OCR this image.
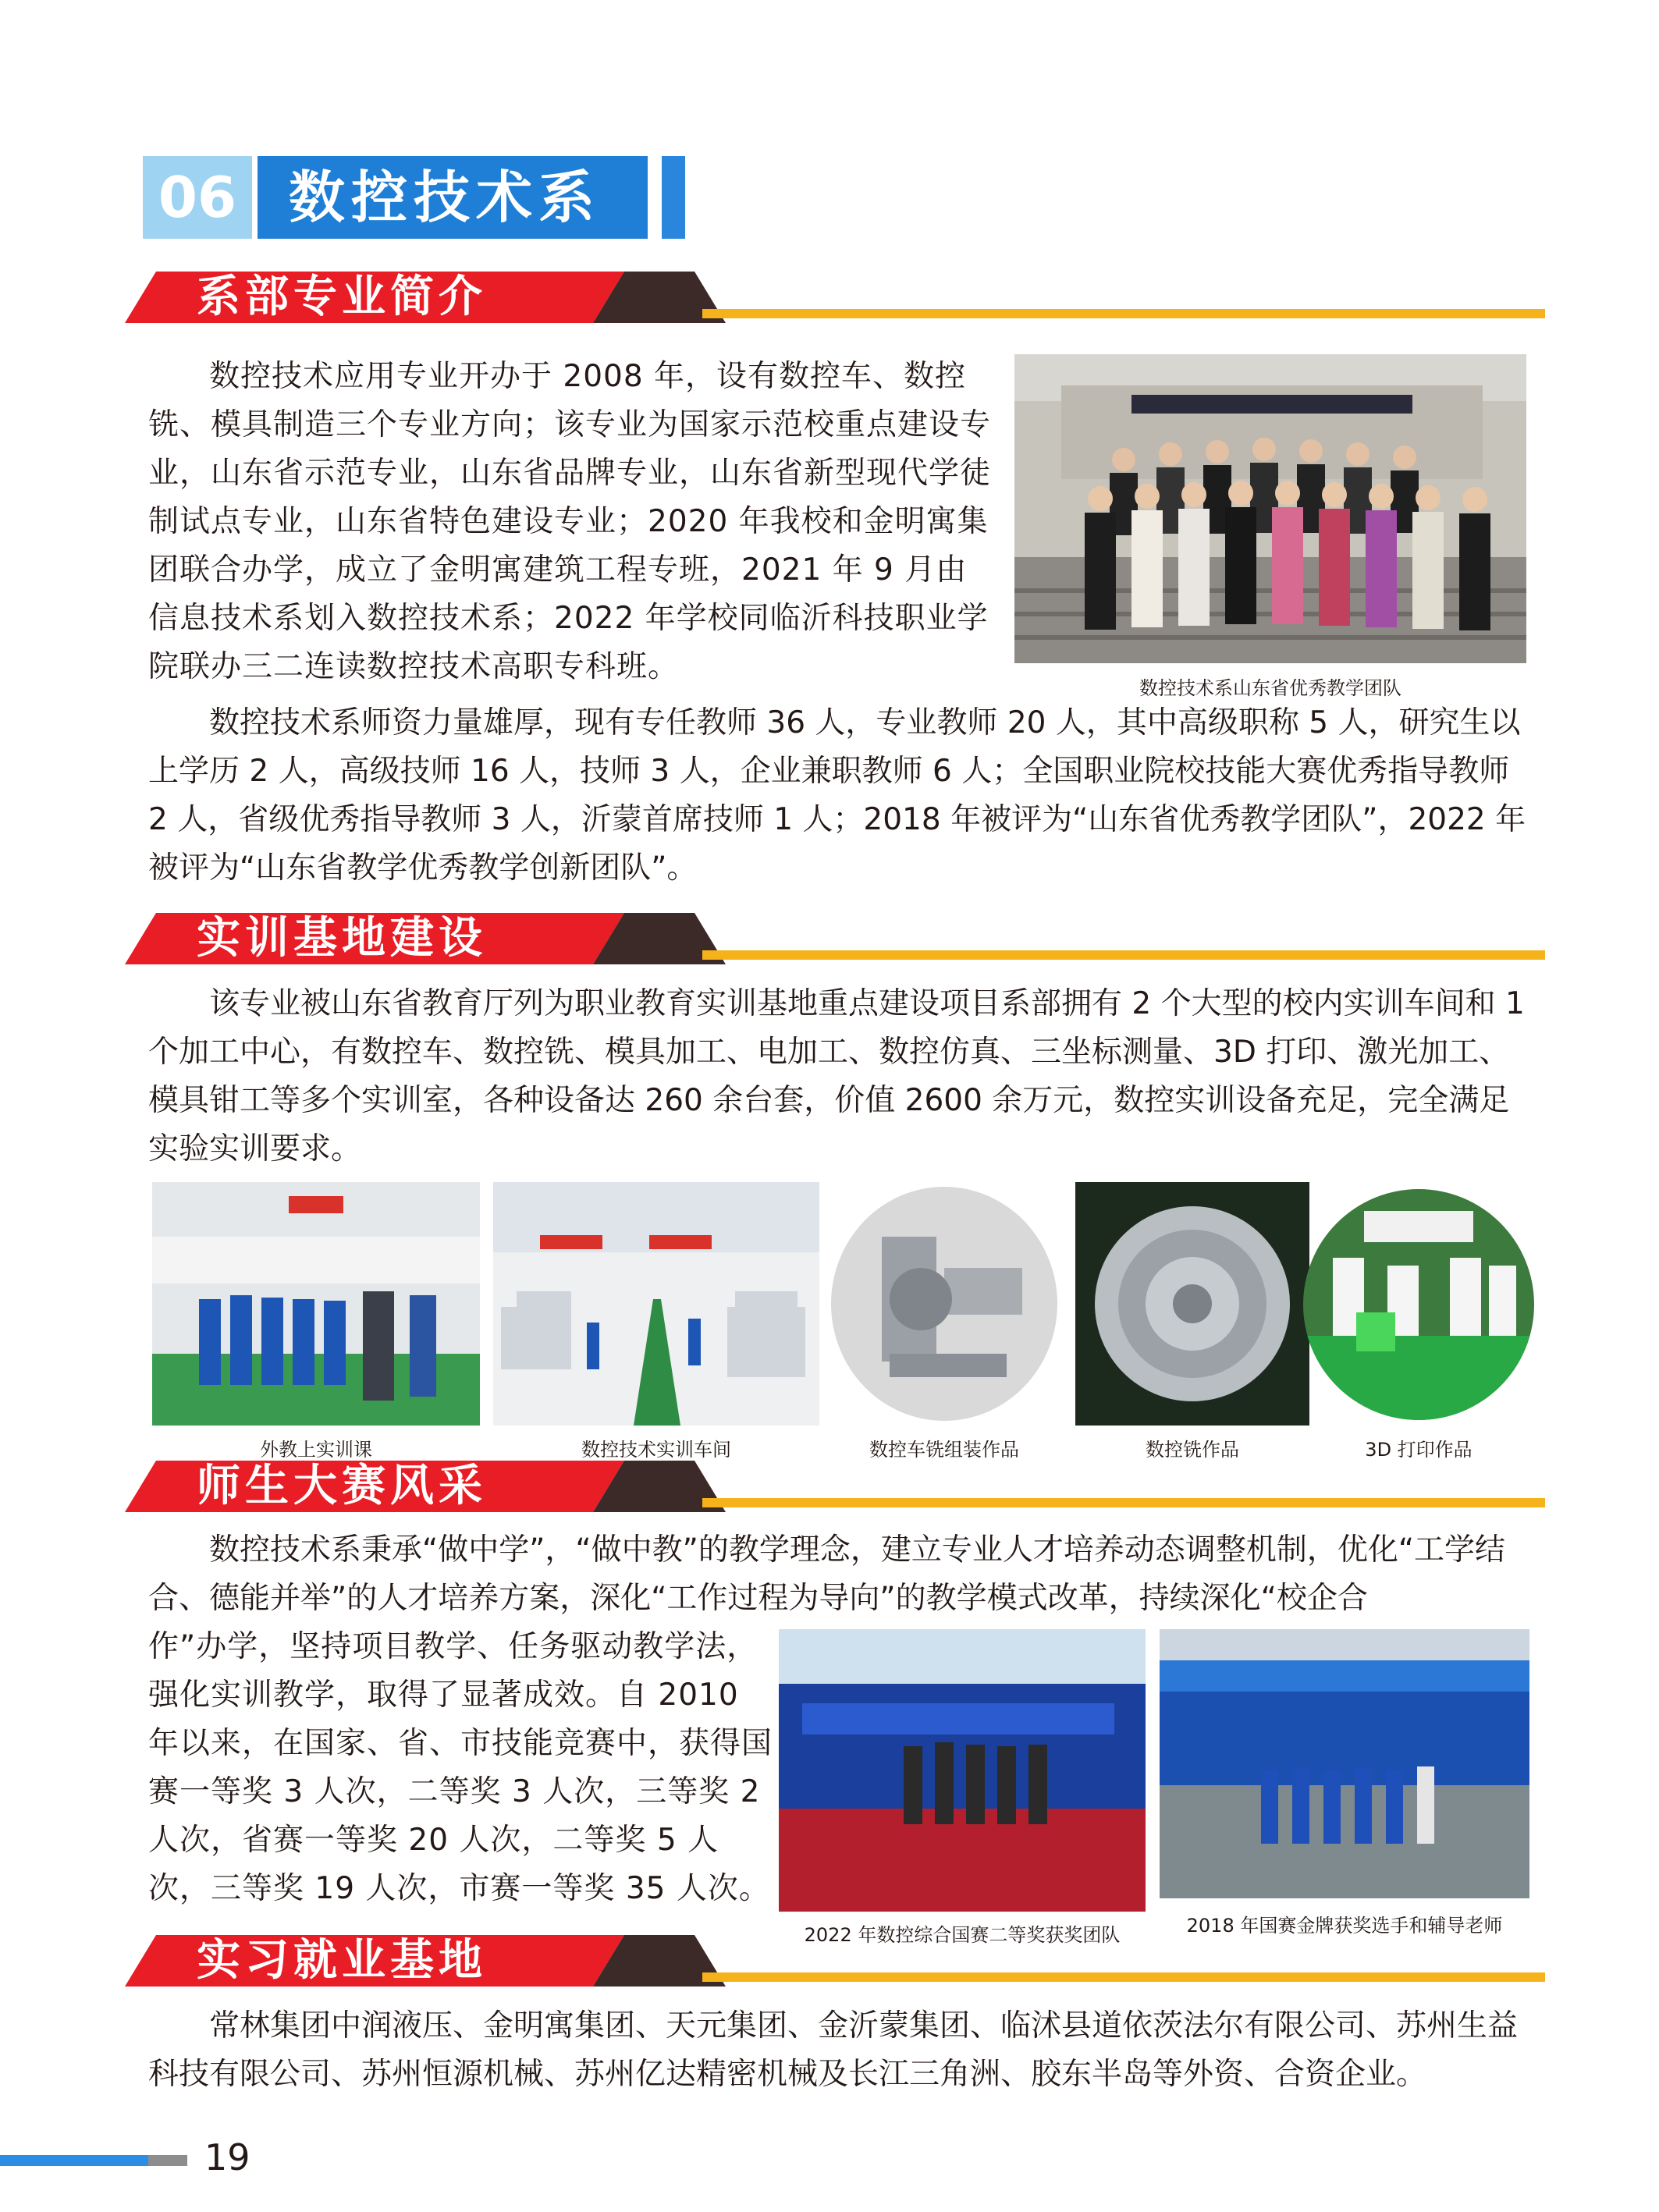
06 数控技术系
系部专业简介
数控技术应用专业开办于 2008 年，设有数控车、数控铣、模具制造三个专业方向；该专业为国家示范校重点建设专业，山东省示范专业，山东省品牌专业，山东省新型现代学徒制试点专业，山东省特色建设专业；2020 年我校和金明寓集团联合办学，成立了金明寓建筑工程专班，2021 年 9 月由信息技术系划入数控技术系；2022 年学校同临沂科技职业学院联办三二连读数控技术高职专科班。
数控技术系山东省优秀教学团队
数控技术系师资力量雄厚，现有专任教师 36 人，专业教师 20 人，其中高级职称 5 人，研究生以上学历 2 人，高级技师 16 人，技师 3 人，企业兼职教师 6 人；全国职业院校技能大赛优秀指导教师 2 人，省级优秀指导教师 3 人，沂蒙首席技师 1 人；2018 年被评为“山东省优秀教学团队”，2022 年被评为“山东省教学优秀教学创新团队”。
实训基地建设
该专业被山东省教育厅列为职业教育实训基地重点建设项目系部拥有 2 个大型的校内实训车间和 1 个加工中心，有数控车、数控铣、模具加工、电加工、数控仿真、三坐标测量、3D 打印、激光加工、模具钳工等多个实训室，各种设备达 260 余台套，价值 2600 余万元，数控实训设备充足，完全满足实验实训要求。
外教上实训课	数控技术实训车间	数控车铣组装作品	数控铣作品	3D 打印作品
师生大赛风采
数控技术系秉承“做中学”，“做中教”的教学理念，建立专业人才培养动态调整机制，优化“工学结合、德能并举”的人才培养方案，深化“工作过程为导向”的教学模式改革，持续深化“校企合
作”办学，坚持项目教学、任务驱动教学法，强化实训教学，取得了显著成效。自 2010 年以来，在国家、省、市技能竞赛中，获得国赛一等奖 3 人次，二等奖 3 人次，三等奖 2 人次，省赛一等奖 20 人次，二等奖 5 人次，三等奖 19 人次，市赛一等奖 35 人次。
2022 年数控综合国赛二等奖获奖团队	2018 年国赛金牌获奖选手和辅导老师
实习就业基地
常林集团中润液压、金明寓集团、天元集团、金沂蒙集团、临沭县道依茨法尔有限公司、苏州生益科技有限公司、苏州恒源机械、苏州亿达精密机械及长江三角洲、胶东半岛等外资、合资企业。
19
